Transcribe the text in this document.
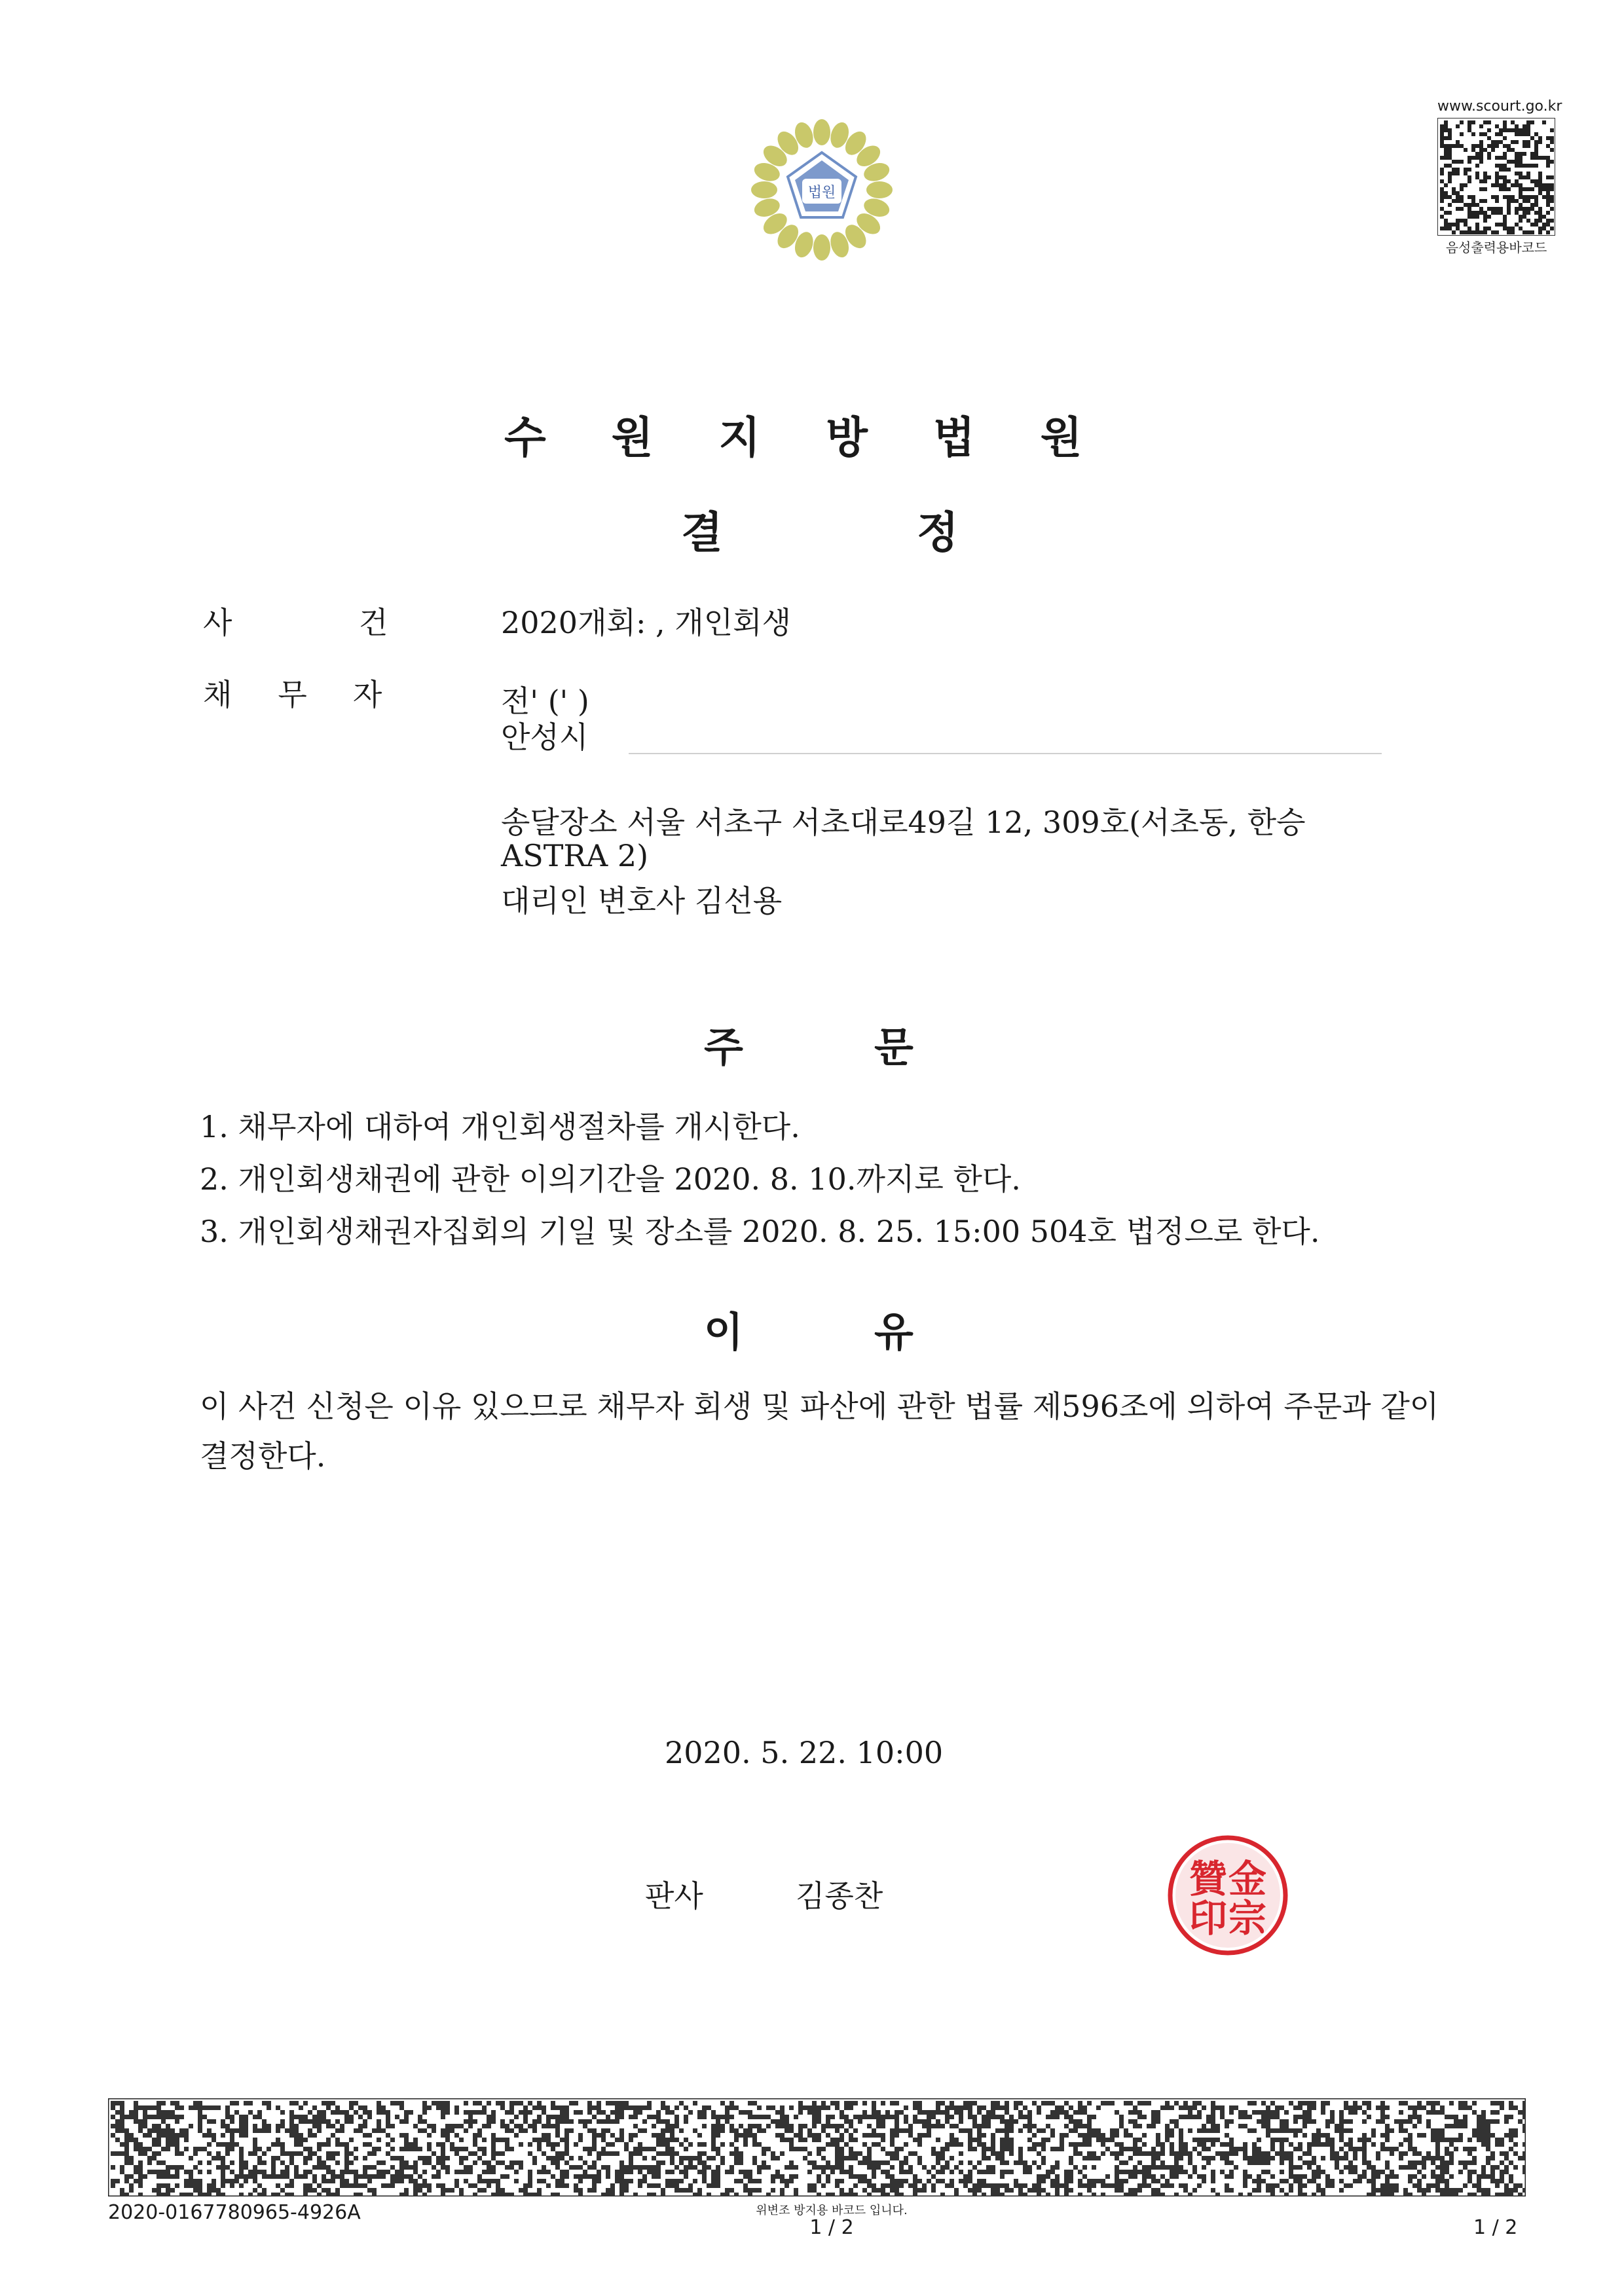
법원
www.scourt.go.kr
음성출력용바코드
수원지방법원
결	정
사	건	2020개회: , 개인회생
채무자 전' (' )
안성시
송달장소 서울 서초구 서초대로49길 12, 309호(서초동, 한승
ASTRA 2)
대리인 변호사 김선용
주	문
1. 채무자에 대하여 개인회생절차를 개시한다.
2. 개인회생채권에 관한 이의기간을 2020. 8. 10.까지로 한다.
3. 개인회생채권자집회의 기일 및 장소를 2020. 8. 25. 15:00 504호 법정으로 한다.
이	유
이 사건 신청은 이유 있으므로 채무자 회생 및 파산에 관한 법률 제596조에 의하여 주문과 같이 결정한다.
2020. 5. 22. 10:00
판사	김종찬	金
宗
贊
印
2020-0167780965-4926A	위변조 방지용 바코드 입니다.
1 / 2	1 / 2
